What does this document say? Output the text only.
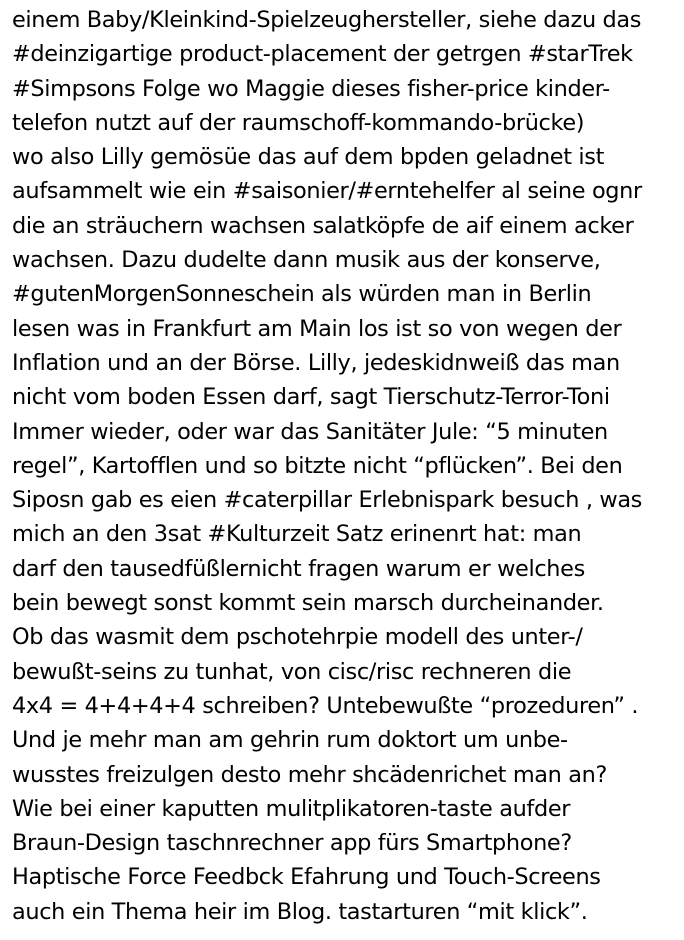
einem Baby/Kleinkind-Spielzeughersteller, siehe dazu das
#deinzigartige product-placement der getrgen #starTrek
#Simpsons Folge wo Maggie dieses fisher-price kinder-
telefon nutzt auf der raumschoff-kommando-brücke)
wo also Lilly gemösüe das auf dem bpden geladnet ist
aufsammelt wie ein #saisonier/#erntehelfer al seine ognr
die an sträuchern wachsen salatköpfe de aif einem acker
wachsen. Dazu dudelte dann musik aus der konserve,
#gutenMorgenSonneschein als würden man in Berlin
lesen was in Frankfurt am Main los ist so von wegen der
Inflation und an der Börse. Lilly, jedeskidnweiß das man
nicht vom boden Essen darf, sagt Tierschutz-Terror-Toni
Immer wieder, oder war das Sanitäter Jule: “5 minuten
regel”, Kartofflen und so bitzte nicht “pflücken”. Bei den
Siposn gab es eien #caterpillar Erlebnispark besuch , was
mich an den 3sat #Kulturzeit Satz erinenrt hat: man
darf den tausedfüßlernicht fragen warum er welches
bein bewegt sonst kommt sein marsch durcheinander.
Ob das wasmit dem pschotehrpie modell des unter-/
bewußt-seins zu tunhat, von cisc/risc rechneren die
4x4 = 4+4+4+4 schreiben? Untebewußte “prozeduren” .
Und je mehr man am gehrin rum doktort um unbe-
wusstes freizulgen desto mehr shcädenrichet man an?
Wie bei einer kaputten mulitplikatoren-taste aufder
Braun-Design taschnrechner app fürs Smartphone?
Haptische Force Feedbck Efahrung und Touch-Screens
auch ein Thema heir im Blog. tastarturen “mit klick”.
